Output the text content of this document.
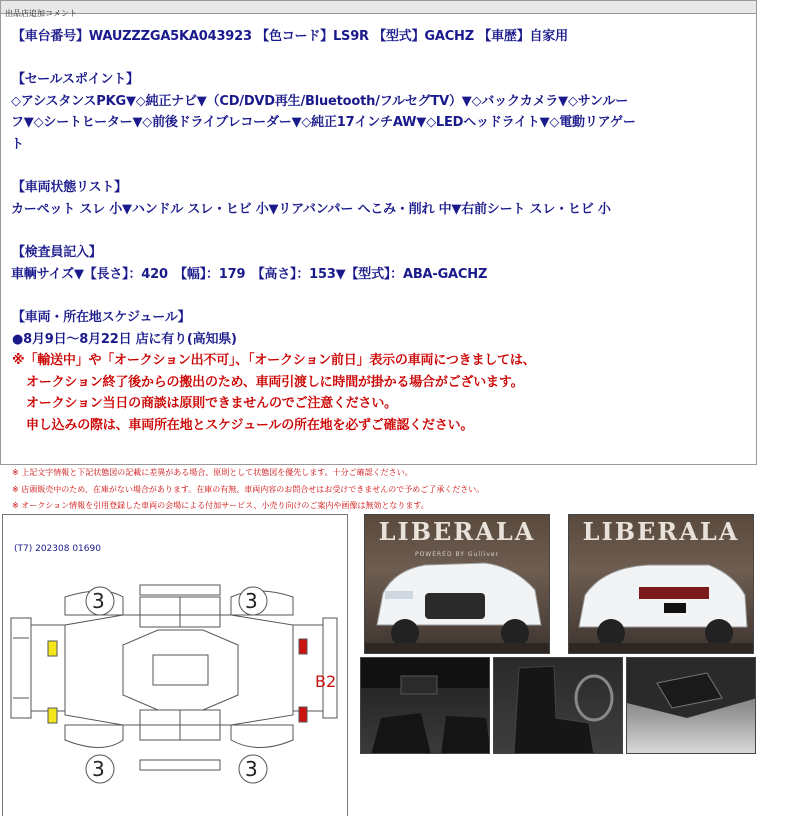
出品店追加コメント
【車台番号】WAUZZZGA5KA043923 【色コード】LS9R 【型式】GACHZ 【車歴】自家用
【セールスポイント】
◇アシスタンスPKG▼◇純正ナビ▼（CD/DVD再生/Bluetooth/フルセグTV）▼◇バックカメラ▼◇サンルー
フ▼◇シートヒーター▼◇前後ドライブレコーダー▼◇純正17インチAW▼◇LEDヘッドライト▼◇電動リアゲー
ト
【車両状態リスト】
カーペット スレ 小▼ハンドル スレ・ヒビ 小▼リアバンパー へこみ・削れ 中▼右前シート スレ・ヒビ 小
【検査員記入】
車輌サイズ▼【長さ】：420　【幅】：179　【高さ】：153▼【型式】：ABA-GACHZ
【車両・所在地スケジュール】
●8月9日～8月22日 店に有り(高知県)
※「輸送中」や「オークション出不可」、「オークション前日」表示の車両につきましては、
オークション終了後からの搬出のため、車両引渡しに時間が掛かる場合がございます。
オークション当日の商談は原則できませんのでご注意ください。
申し込みの際は、車両所在地とスケジュールの所在地を必ずご確認ください。
※ 上記文字情報と下記状態図の記載に差異がある場合、原則として状態図を優先します。十分ご確認ください。
※ 店頭販売中のため、在庫がない場合があります。在庫の有無、車両内容のお問合せはお受けできませんので予めご了承ください。
※ オークション情報を引用登録した車両の会場による付加サービス、小売り向けのご案内や画像は無効となります。
(T7) 202308 01690
3	3
3	3
B2
LIBERALA
POWERED BY Gulliver
LIBERALA
